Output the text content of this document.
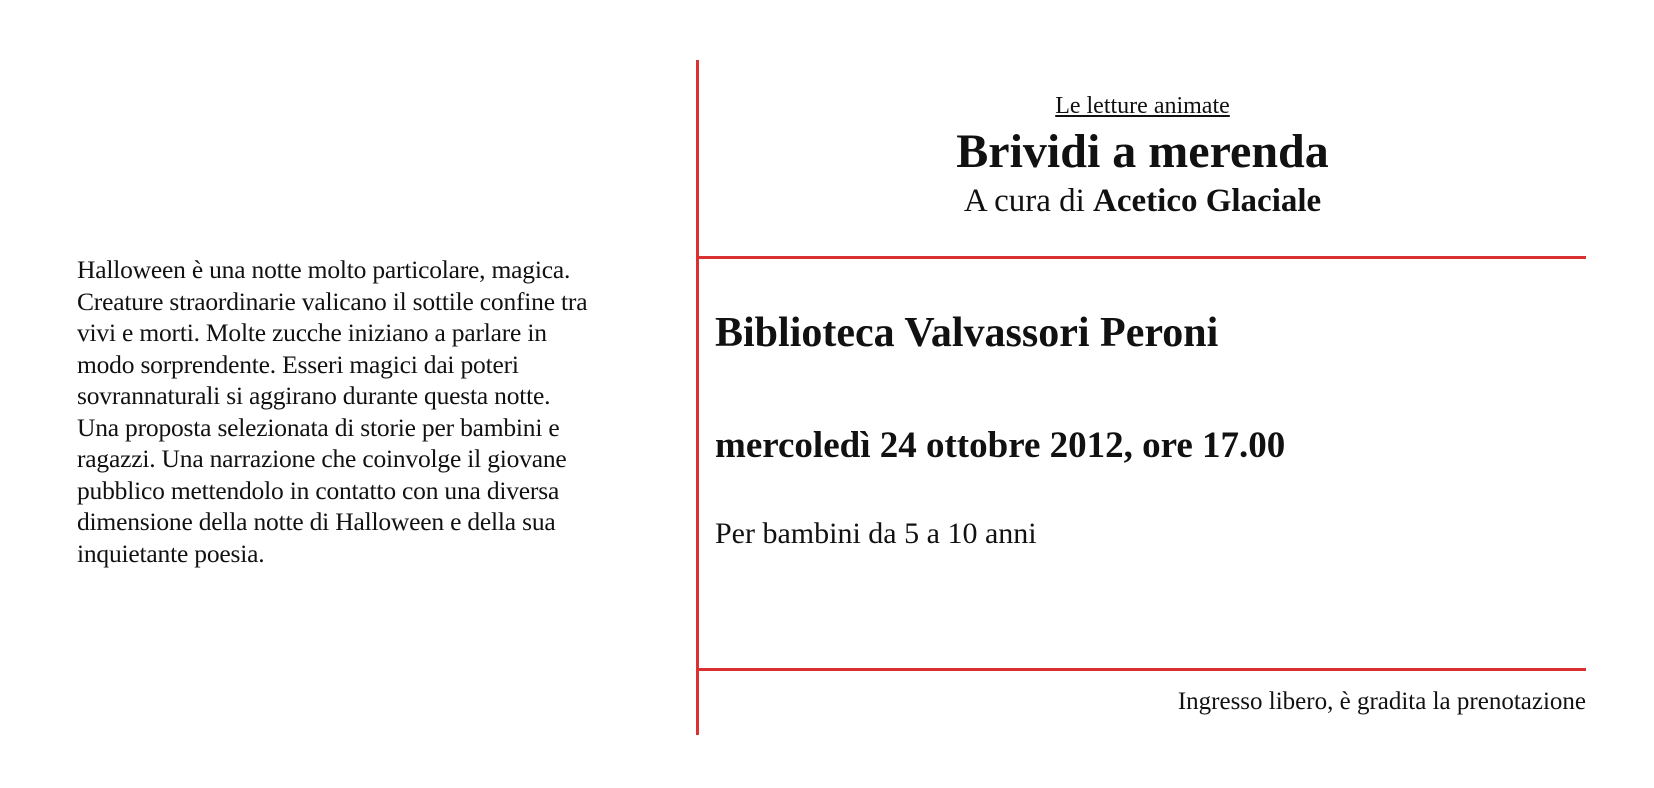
Halloween è una notte molto particolare, magica.
Creature straordinarie valicano il sottile confine tra
vivi e morti. Molte zucche iniziano a parlare in
modo sorprendente. Esseri magici dai poteri
sovrannaturali si aggirano durante questa notte.
Una proposta selezionata di storie per bambini e
ragazzi. Una narrazione che coinvolge il giovane
pubblico mettendolo in contatto con una diversa
dimensione della notte di Halloween e della sua
inquietante poesia.
Le letture animate
Brividi a merenda
A cura di Acetico Glaciale
Biblioteca Valvassori Peroni
mercoledì 24 ottobre 2012, ore 17.00
Per bambini da 5 a 10 anni
Ingresso libero, è gradita la prenotazione
